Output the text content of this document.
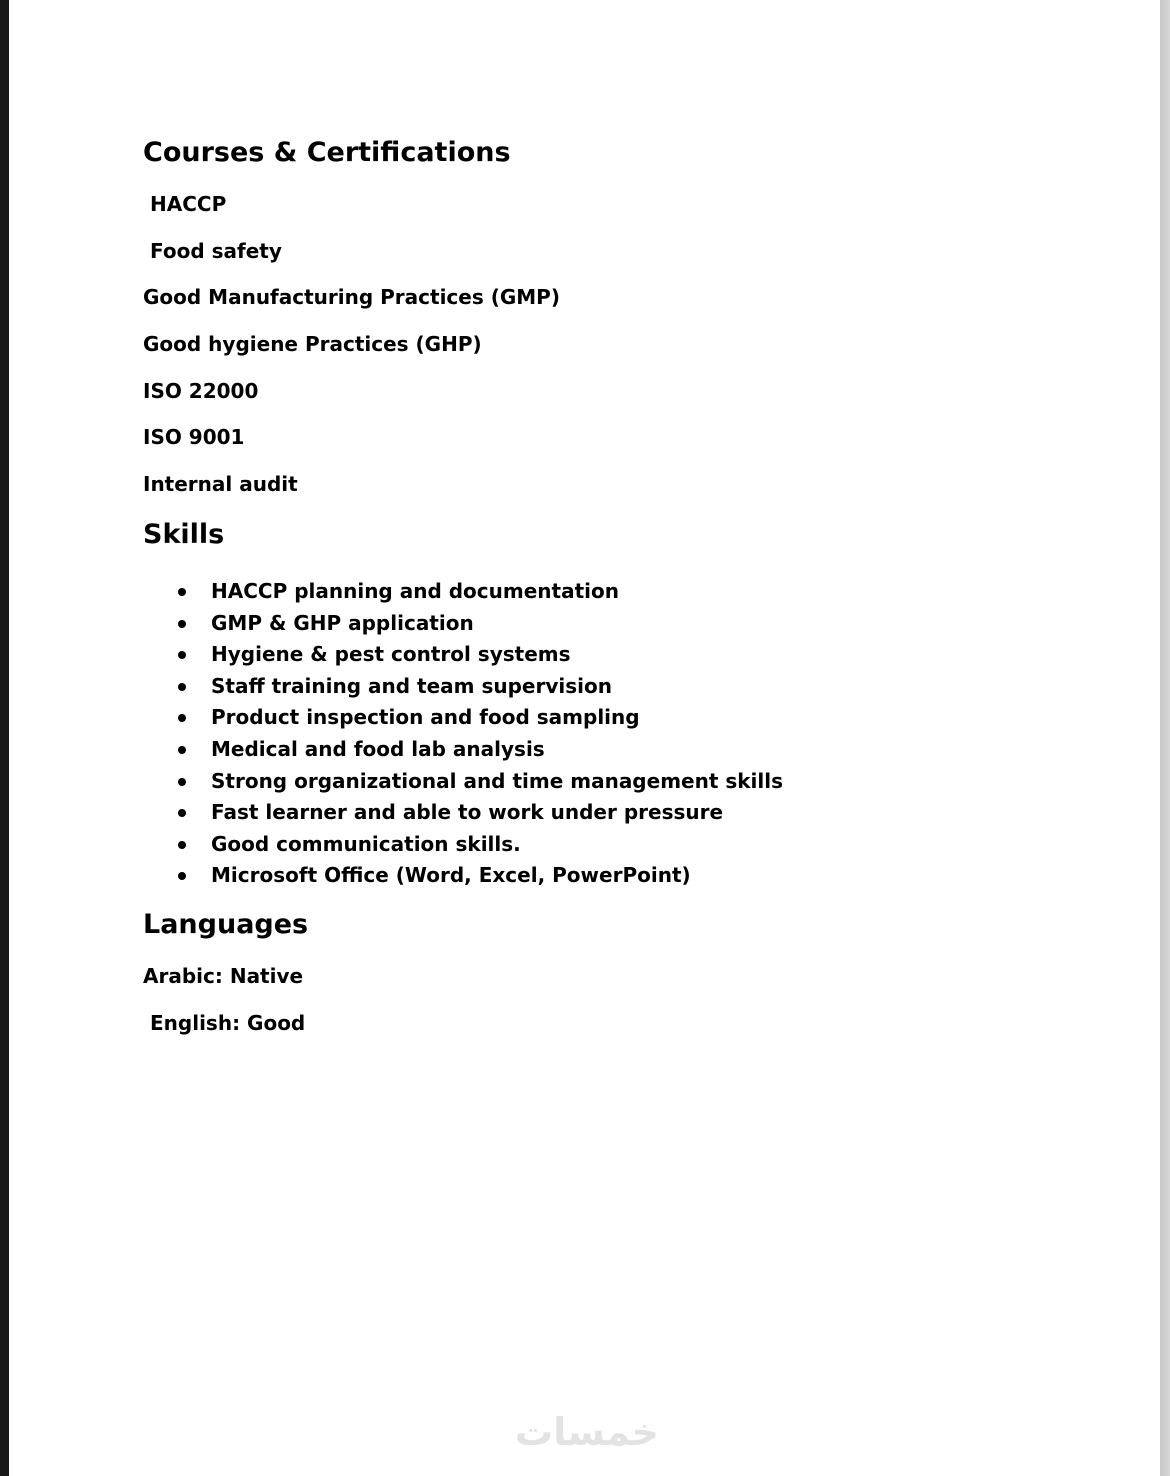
Courses & Certifications
HACCP
Food safety
Good Manufacturing Practices (GMP)
Good hygiene Practices (GHP)
ISO 22000
ISO 9001
Internal audit
Skills
HACCP planning and documentation
GMP & GHP application
Hygiene & pest control systems
Staff training and team supervision
Product inspection and food sampling
Medical and food lab analysis
Strong organizational and time management skills
Fast learner and able to work under pressure
Good communication skills.
Microsoft Office (Word, Excel, PowerPoint)
Languages
Arabic: Native
English: Good
خمسات
